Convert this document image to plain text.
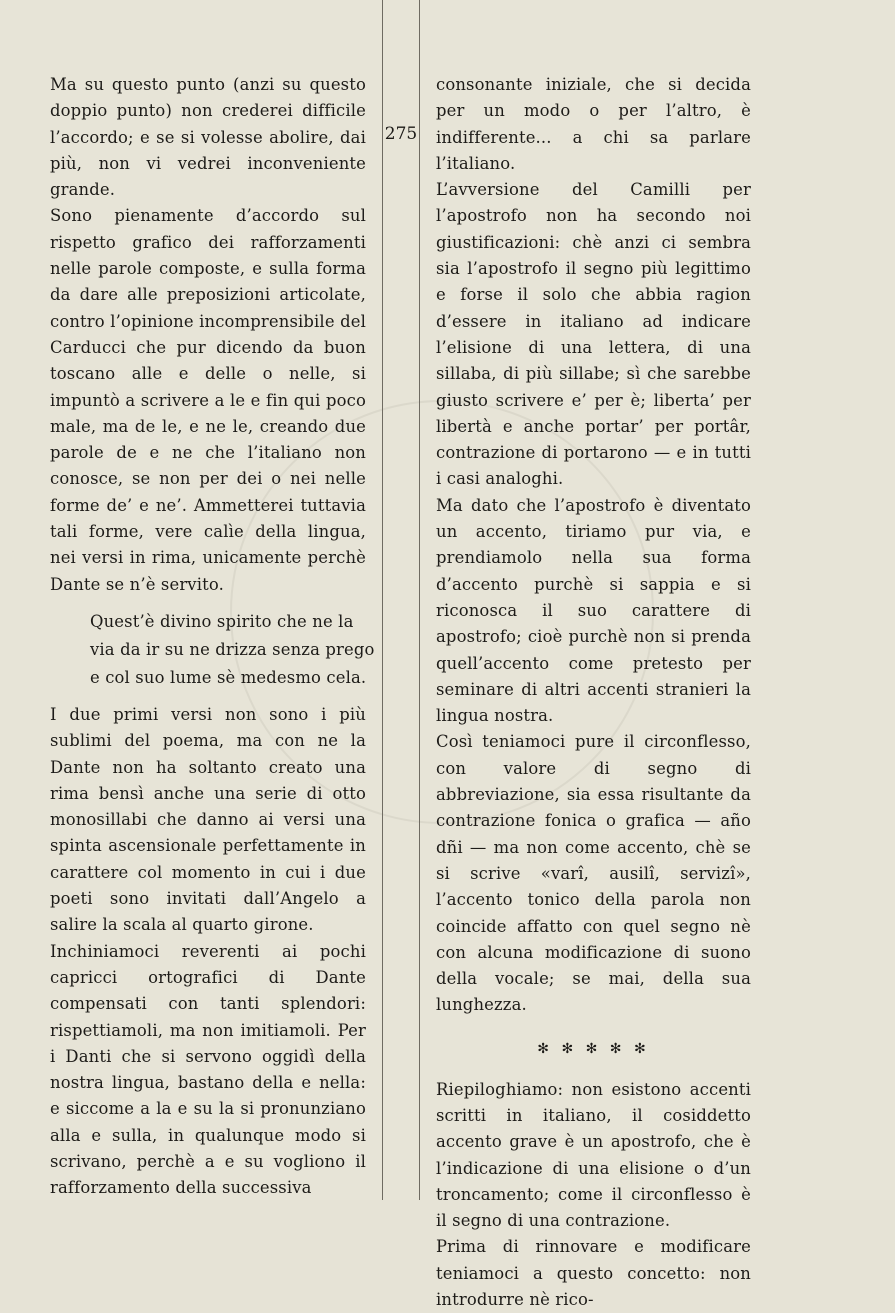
275

Ma su questo punto (anzi su questo doppio punto) non crederei difficile l’accordo; e se si volesse abolire, dai più, non vi vedrei inconveniente grande.

Sono pienamente d’accordo sul rispetto grafico dei rafforzamenti nelle parole composte, e sulla forma da dare alle preposizioni articolate, contro l’opinione incomprensibile del Carducci che pur dicendo da buon toscano alle e delle o nelle, si impuntò a scrivere a le e fin qui poco male, ma de le, e ne le, creando due parole de e ne che l’italiano non conosce, se non per dei o nei nelle forme de’ e ne’. Ammetterei tuttavia tali forme, vere calìe della lingua, nei versi in rima, unicamente perchè Dante se n’è servito.

Quest’è divino spirito che ne la
via da ir su ne drizza senza prego
e col suo lume sè medesmo cela.

I due primi versi non sono i più sublimi del poema, ma con ne la Dante non ha soltanto creato una rima bensì anche una serie di otto monosillabi che danno ai versi una spinta ascensionale perfettamente in carattere col momento in cui i due poeti sono invitati dall’Angelo a salire la scala al quarto girone.

Inchiniamoci reverenti ai pochi capricci ortografici di Dante compensati con tanti splendori: rispettiamoli, ma non imitiamoli. Per i Danti che si servono oggidì della nostra lingua, bastano della e nella: e siccome a la e su la si pronunziano alla e sulla, in qualunque modo si scrivano, perchè a e su vogliono il rafforzamento della successiva

consonante iniziale, che si decida per un modo o per l’altro, è indifferente... a chi sa parlare l’italiano.

L’avversione del Camilli per l’apostrofo non ha secondo noi giustificazioni: chè anzi ci sembra sia l’apostrofo il segno più legittimo e forse il solo che abbia ragion d’essere in italiano ad indicare l’elisione di una lettera, di una sillaba, di più sillabe; sì che sarebbe giusto scrivere e’ per è; liberta’ per libertà e anche portar’ per portâr, contrazione di portarono — e in tutti i casi analoghi.

Ma dato che l’apostrofo è diventato un accento, tiriamo pur via, e prendiamolo nella sua forma d’accento purchè si sappia e si riconosca il suo carattere di apostrofo; cioè purchè non si prenda quell’accento come pretesto per seminare di altri accenti stranieri la lingua nostra.

Così teniamoci pure il circonflesso, con valore di segno di abbreviazione, sia essa risultante da contrazione fonica o grafica — año dñi — ma non come accento, chè se si scrive «varî, ausilî, servizî», l’accento tonico della parola non coincide affatto con quel segno nè con alcuna modificazione di suono della vocale; se mai, della sua lunghezza.

✻ ✻ ✻ ✻ ✻

Riepiloghiamo: non esistono accenti scritti in italiano, il cosiddetto accento grave è un apostrofo, che è l’indicazione di una elisione o d’un troncamento; come il circonflesso è il segno di una contrazione.

Prima di rinnovare e modificare teniamoci a questo concetto: non introdurre nè rico-
